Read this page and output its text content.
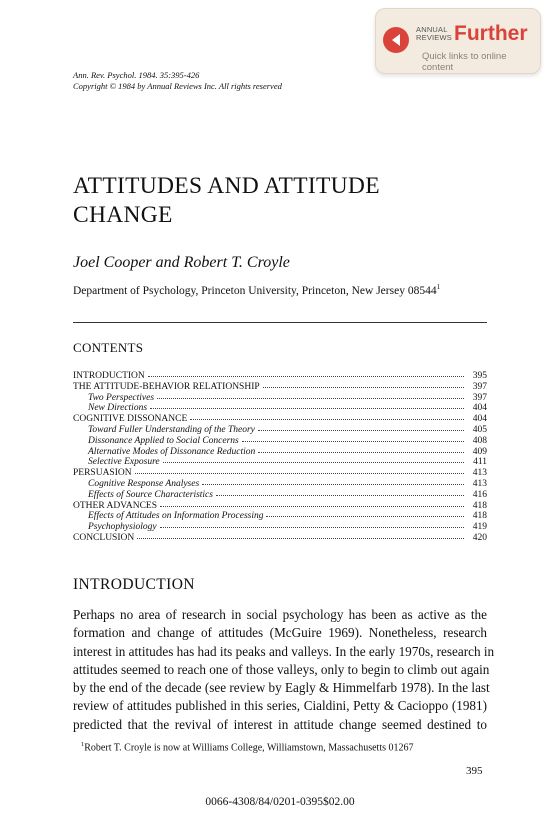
ANNUAL
REVIEWS Further
Quick links to online content
Ann. Rev. Psychol. 1984. 35:395-426
Copyright © 1984 by Annual Reviews Inc. All rights reserved
ATTITUDES AND ATTITUDE
CHANGE
Joel Cooper and Robert T. Croyle
Department of Psychology, Princeton University, Princeton, New Jersey 08544$^1$
CONTENTS
INTRODUCTION	395
THE ATTITUDE-BEHAVIOR RELATIONSHIP	397
Two Perspectives	397
New Directions	404
COGNITIVE DISSONANCE	404
Toward Fuller Understanding of the Theory	405
Dissonance Applied to Social Concerns	408
Alternative Modes of Dissonance Reduction	409
Selective Exposure	411
PERSUASION	413
Cognitive Response Analyses	413
Effects of Source Characteristics	416
OTHER ADVANCES	418
Effects of Attitudes on Information Processing	418
Psychophysiology	419
CONCLUSION	420
INTRODUCTION
Perhaps no area of research in social psychology has been as active as the
formation and change of attitudes (McGuire 1969). Nonetheless, research
interest in attitudes has had its peaks and valleys. In the early 1970s, research in
attitudes seemed to reach one of those valleys, only to begin to climb out again
by the end of the decade (see review by Eagly & Himmelfarb 1978). In the last
review of attitudes published in this series, Cialdini, Petty & Cacioppo (1981)
predicted that the revival of interest in attitude change seemed destined to
$^1$Robert T. Croyle is now at Williams College, Williamstown, Massachusetts 01267
395
0066-4308/84/0201-0395$02.00
